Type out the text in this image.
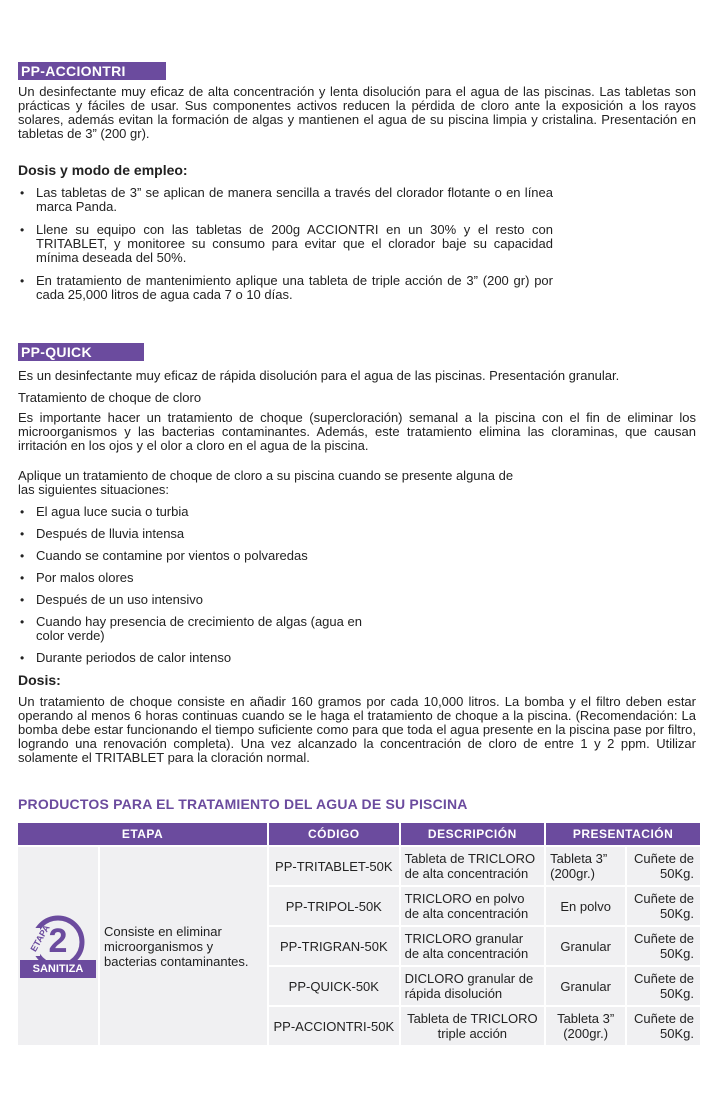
PP-ACCIONTRI

Un desinfectante muy eficaz de alta concentración y lenta disolución para el agua de las piscinas. Las tabletas son prácticas y fáciles de usar. Sus componentes activos reducen la pérdida de cloro ante la exposición a los rayos solares, además evitan la formación de algas y mantienen el agua de su piscina limpia y cristalina. Presentación en tabletas de 3” (200 gr).

Dosis y modo de empleo:
• Las tabletas de 3” se aplican de manera sencilla a través del clorador flotante o en línea marca Panda.
• Llene su equipo con las tabletas de 200g ACCIONTRI en un 30% y el resto con TRITABLET, y monitoree su consumo para evitar que el clorador baje su capacidad mínima deseada del 50%.
• En tratamiento de mantenimiento aplique una tableta de triple acción de 3” (200 gr) por cada 25,000 litros de agua cada 7 o 10 días.
PP-QUICK

Es un desinfectante muy eficaz de rápida disolución para el agua de las piscinas. Presentación granular.

Tratamiento de choque de cloro

Es importante hacer un tratamiento de choque (supercloración) semanal a la piscina con el fin de eliminar los microorganismos y las bacterias contaminantes. Además, este tratamiento elimina las cloraminas, que causan irritación en los ojos y el olor a cloro en el agua de la piscina.

Aplique un tratamiento de choque de cloro a su piscina cuando se presente alguna de las siguientes situaciones:

• El agua luce sucia o turbia
• Después de lluvia intensa
• Cuando se contamine por vientos o polvaredas
• Por malos olores
• Después de un uso intensivo
• Cuando hay presencia de crecimiento de algas (agua en color verde)
• Durante periodos de calor intenso
Dosis:

Un tratamiento de choque consiste en añadir 160 gramos por cada 10,000 litros. La bomba y el filtro deben estar operando al menos 6 horas continuas cuando se le haga el tratamiento de choque a la piscina. (Recomendación: La bomba debe estar funcionando el tiempo suficiente como para que toda el agua presente en la piscina pase por filtro, logrando una renovación completa). Una vez alcanzado la concentración de cloro de entre 1 y 2 ppm. Utilizar solamente el TRITABLET para la cloración normal.

PRODUCTOS PARA EL TRATAMIENTO DEL AGUA DE SU PISCINA
ETAPA		CÓDIGO	DESCRIPCIÓN	PRESENTACIÓN	

ETAPA
2
SANITIZA	Consiste en eliminar microorganismos y bacterias contaminantes.	PP-TRITABLET-50K	Tableta de TRICLORO de alta concentración	Tableta 3” (200gr.)	Cuñete de 50Kg.
		PP-TRIPOL-50K	TRICLORO en polvo de alta concentración	En polvo	Cuñete de 50Kg.
		PP-TRIGRAN-50K	TRICLORO granular de alta concentración	Granular	Cuñete de 50Kg.
		PP-QUICK-50K	DICLORO granular de rápida disolución	Granular	Cuñete de 50Kg.
		PP-ACCIONTRI-50K	Tableta de TRICLORO triple acción	Tableta 3” (200gr.)	Cuñete de 50Kg.
